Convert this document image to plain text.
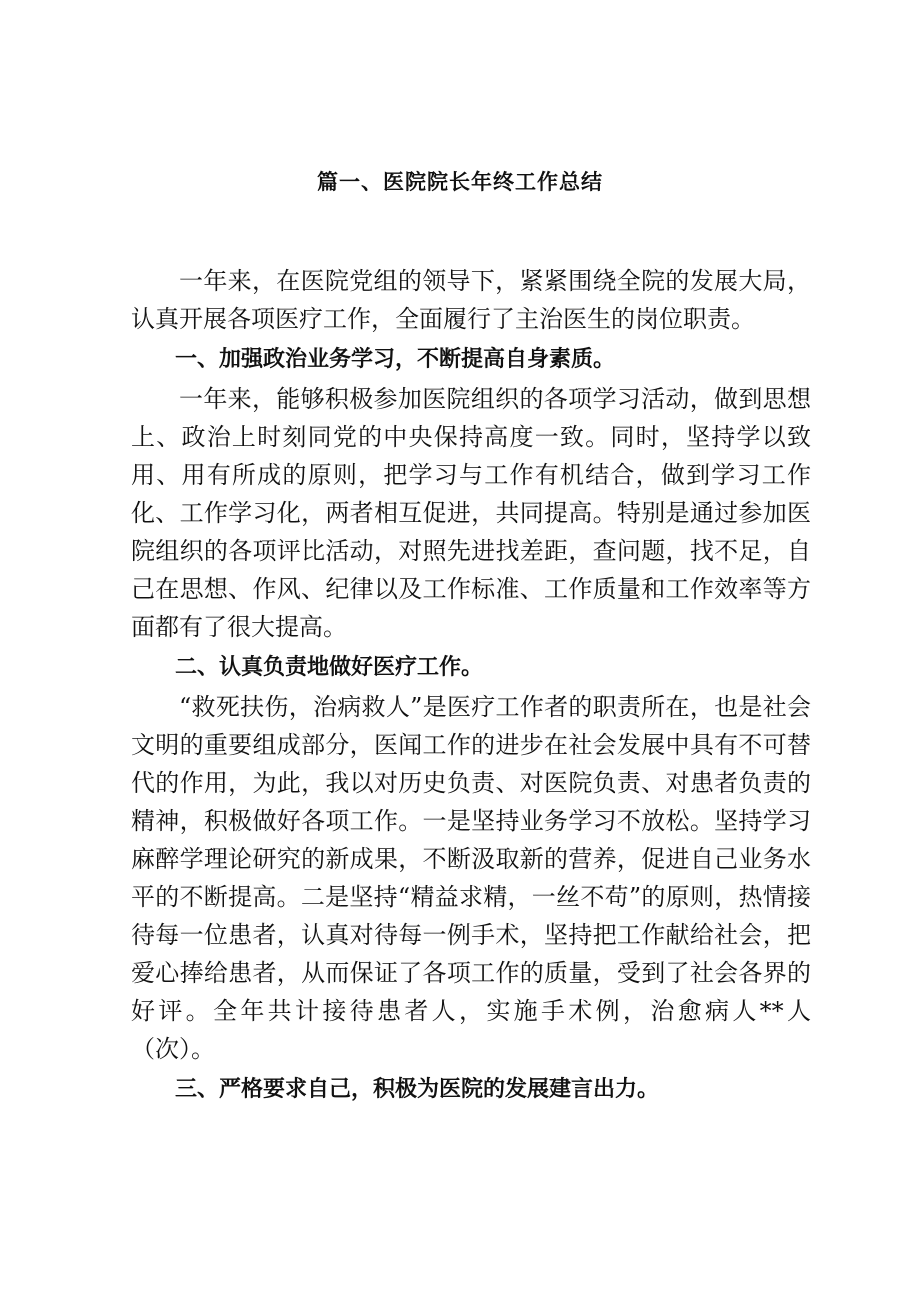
篇一、医院院长年终工作总结

一年来，在医院党组的领导下，紧紧围绕全院的发展大局，认真开展各项医疗工作，全面履行了主治医生的岗位职责。

一、加强政治业务学习，不断提高自身素质。

一年来，能够积极参加医院组织的各项学习活动，做到思想上、政治上时刻同党的中央保持高度一致。同时，坚持学以致用、用有所成的原则，把学习与工作有机结合，做到学习工作化、工作学习化，两者相互促进，共同提高。特别是通过参加医院组织的各项评比活动，对照先进找差距，查问题，找不足，自己在思想、作风、纪律以及工作标准、工作质量和工作效率等方面都有了很大提高。

二、认真负责地做好医疗工作。

“救死扶伤，治病救人”是医疗工作者的职责所在，也是社会文明的重要组成部分，医闻工作的进步在社会发展中具有不可替代的作用，为此，我以对历史负责、对医院负责、对患者负责的精神，积极做好各项工作。一是坚持业务学习不放松。坚持学习麻醉学理论研究的新成果，不断汲取新的营养，促进自己业务水平的不断提高。二是坚持“精益求精，一丝不苟”的原则，热情接待每一位患者，认真对待每一例手术，坚持把工作献给社会，把爱心捧给患者，从而保证了各项工作的质量，受到了社会各界的好评。全年共计接待患者人，实施手术例，治愈病人**人（次）。

三、严格要求自己，积极为医院的发展建言出力。
